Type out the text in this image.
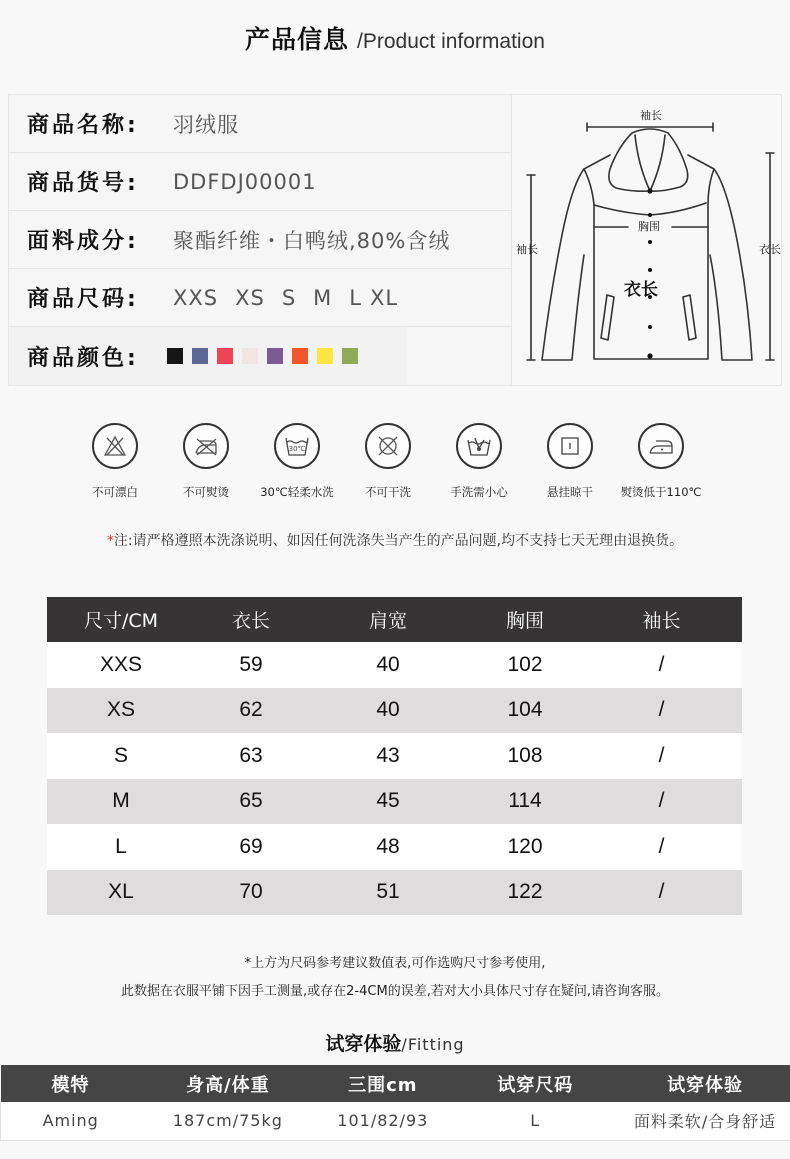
产品信息 /Product information
商品名称:	羽绒服
商品货号:	DDFDJ00001
面料成分:	聚酯纤维・白鸭绒,80%含绒
商品尺码:	XXS XS S M L XL
商品颜色:
袖长
袖长	衣长
胸围
衣长
不可漂白	不可熨烫
30℃
30℃轻柔水洗	不可干洗	手洗需小心	悬挂晾干	熨烫低于110℃
*注:请严格遵照本洗涤说明、如因任何洗涤失当产生的产品问题,均不支持七天无理由退换货。
尺寸/CM	衣长	肩宽	胸围	袖长
XXS	59	40	102	/
XS	62	40	104	/
S	63	43	108	/
M	65	45	114	/
L	69	48	120	/
XL	70	51	122	/
*上方为尺码参考建议数值表,可作选购尺寸参考使用,
此数据在衣服平铺下因手工测量,或存在2-4CM的误差,若对大小具体尺寸存在疑问,请咨询客服。
试穿体验/Fitting
模特	身高/体重	三围cm	试穿尺码	试穿体验
Aming	187cm/75kg	101/82/93	L	面料柔软/合身舒适
